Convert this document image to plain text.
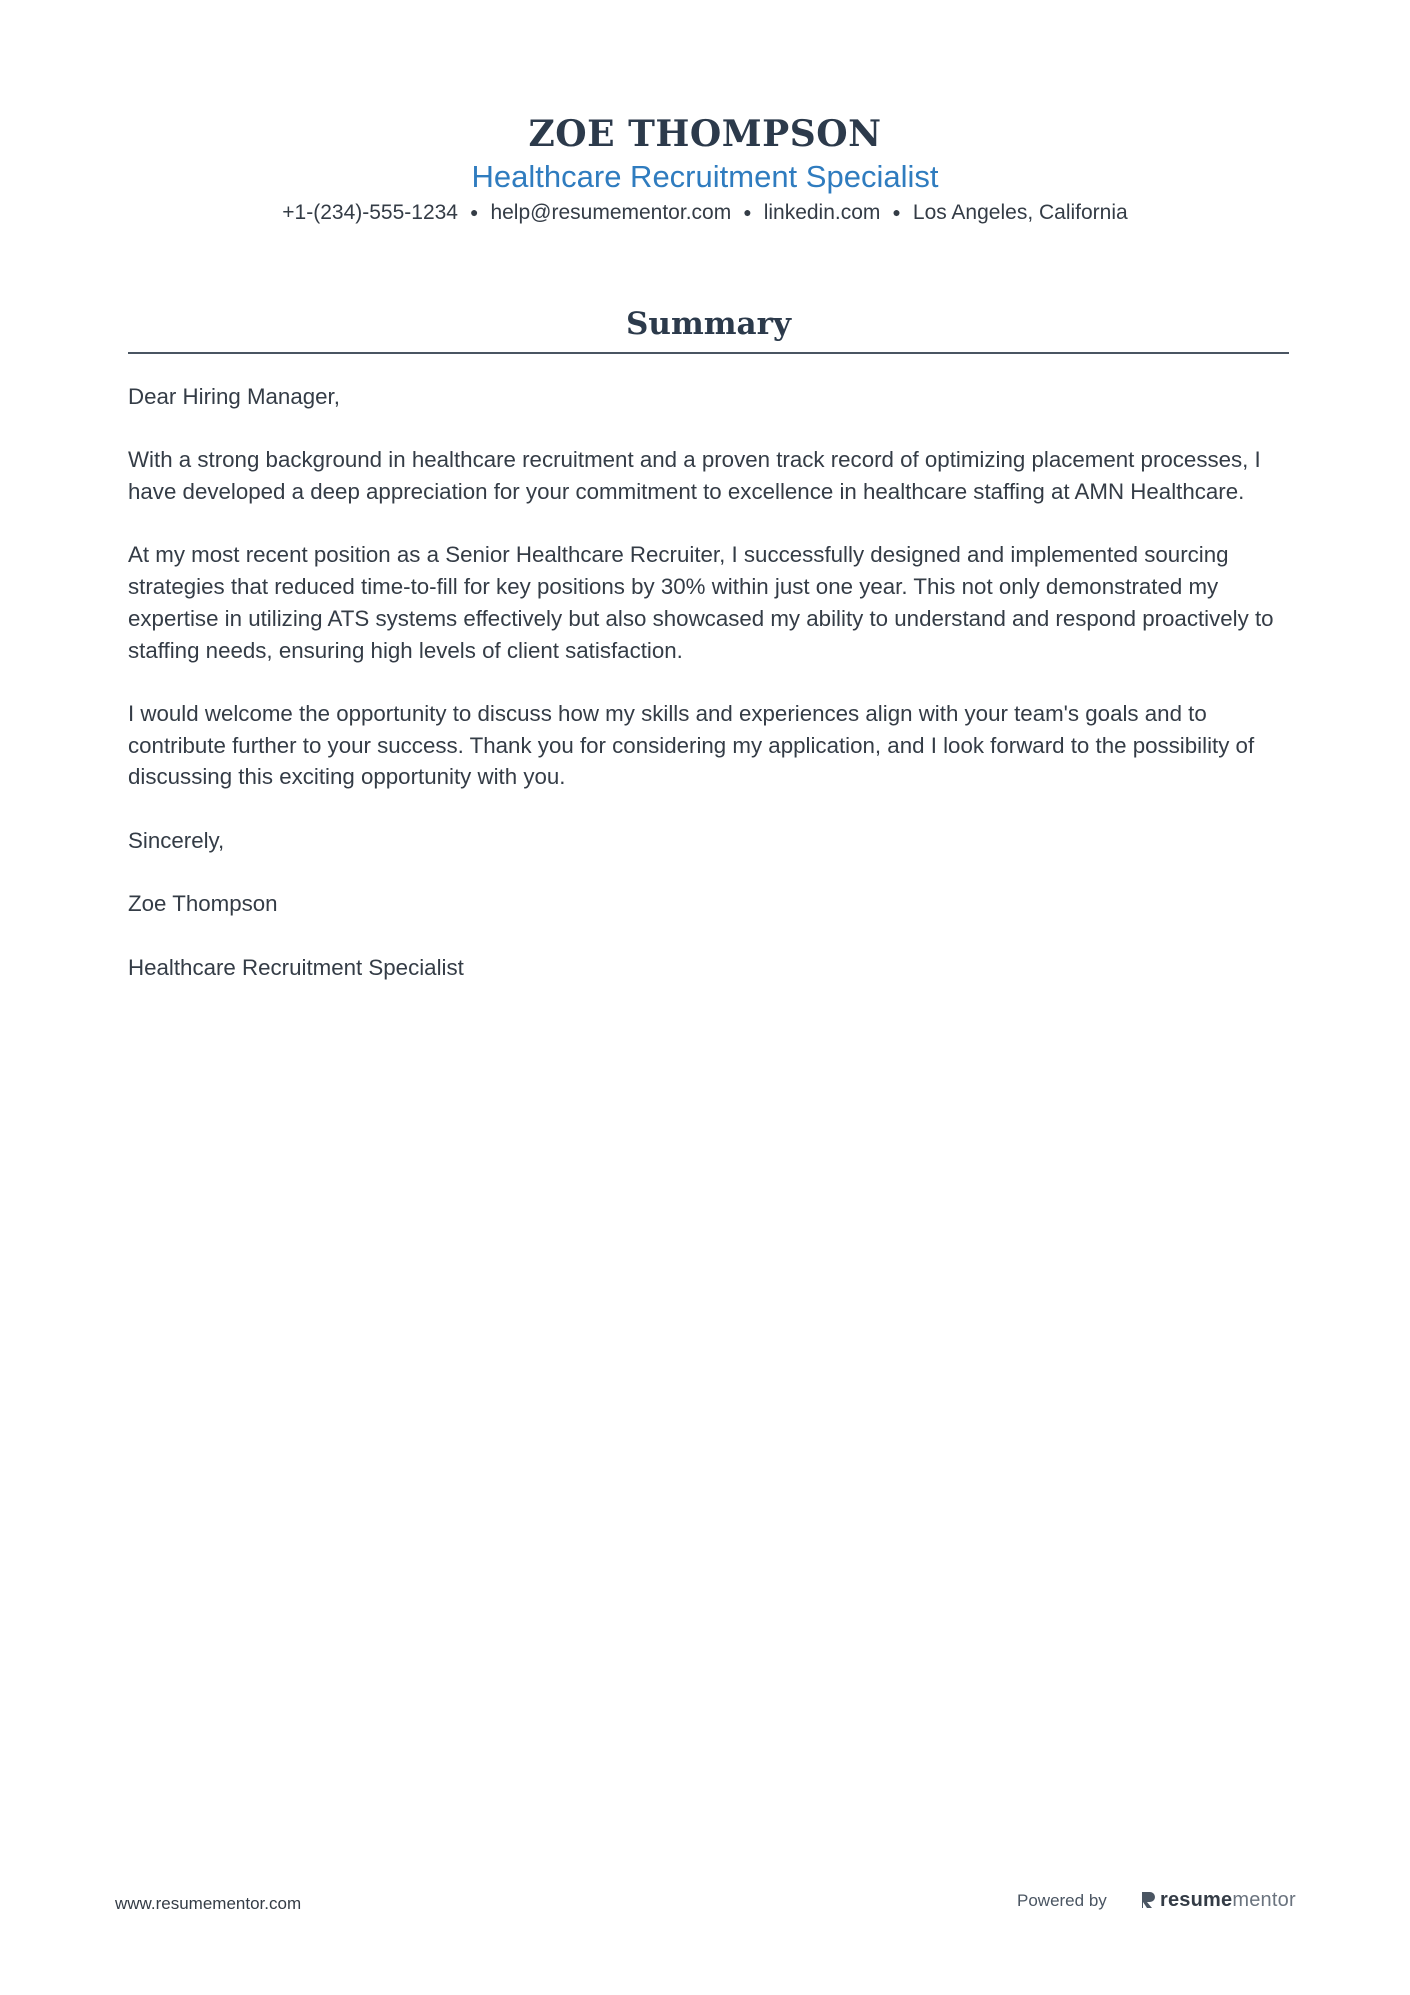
ZOE THOMPSON
Healthcare Recruitment Specialist
+1-(234)-555-1234 ● help@resumementor.com ● linkedin.com ● Los Angeles, California
Summary

Dear Hiring Manager,

With a strong background in healthcare recruitment and a proven track record of optimizing placement processes, I have developed a deep appreciation for your commitment to excellence in healthcare staffing at AMN Healthcare.

At my most recent position as a Senior Healthcare Recruiter, I successfully designed and implemented sourcing strategies that reduced time-to-fill for key positions by 30% within just one year. This not only demonstrated my expertise in utilizing ATS systems effectively but also showcased my ability to understand and respond proactively to staffing needs, ensuring high levels of client satisfaction.

I would welcome the opportunity to discuss how my skills and experiences align with your team's goals and to contribute further to your success. Thank you for considering my application, and I look forward to the possibility of discussing this exciting opportunity with you.

Sincerely,

Zoe Thompson

Healthcare Recruitment Specialist

www.resumementor.com	Powered by	resumementor
